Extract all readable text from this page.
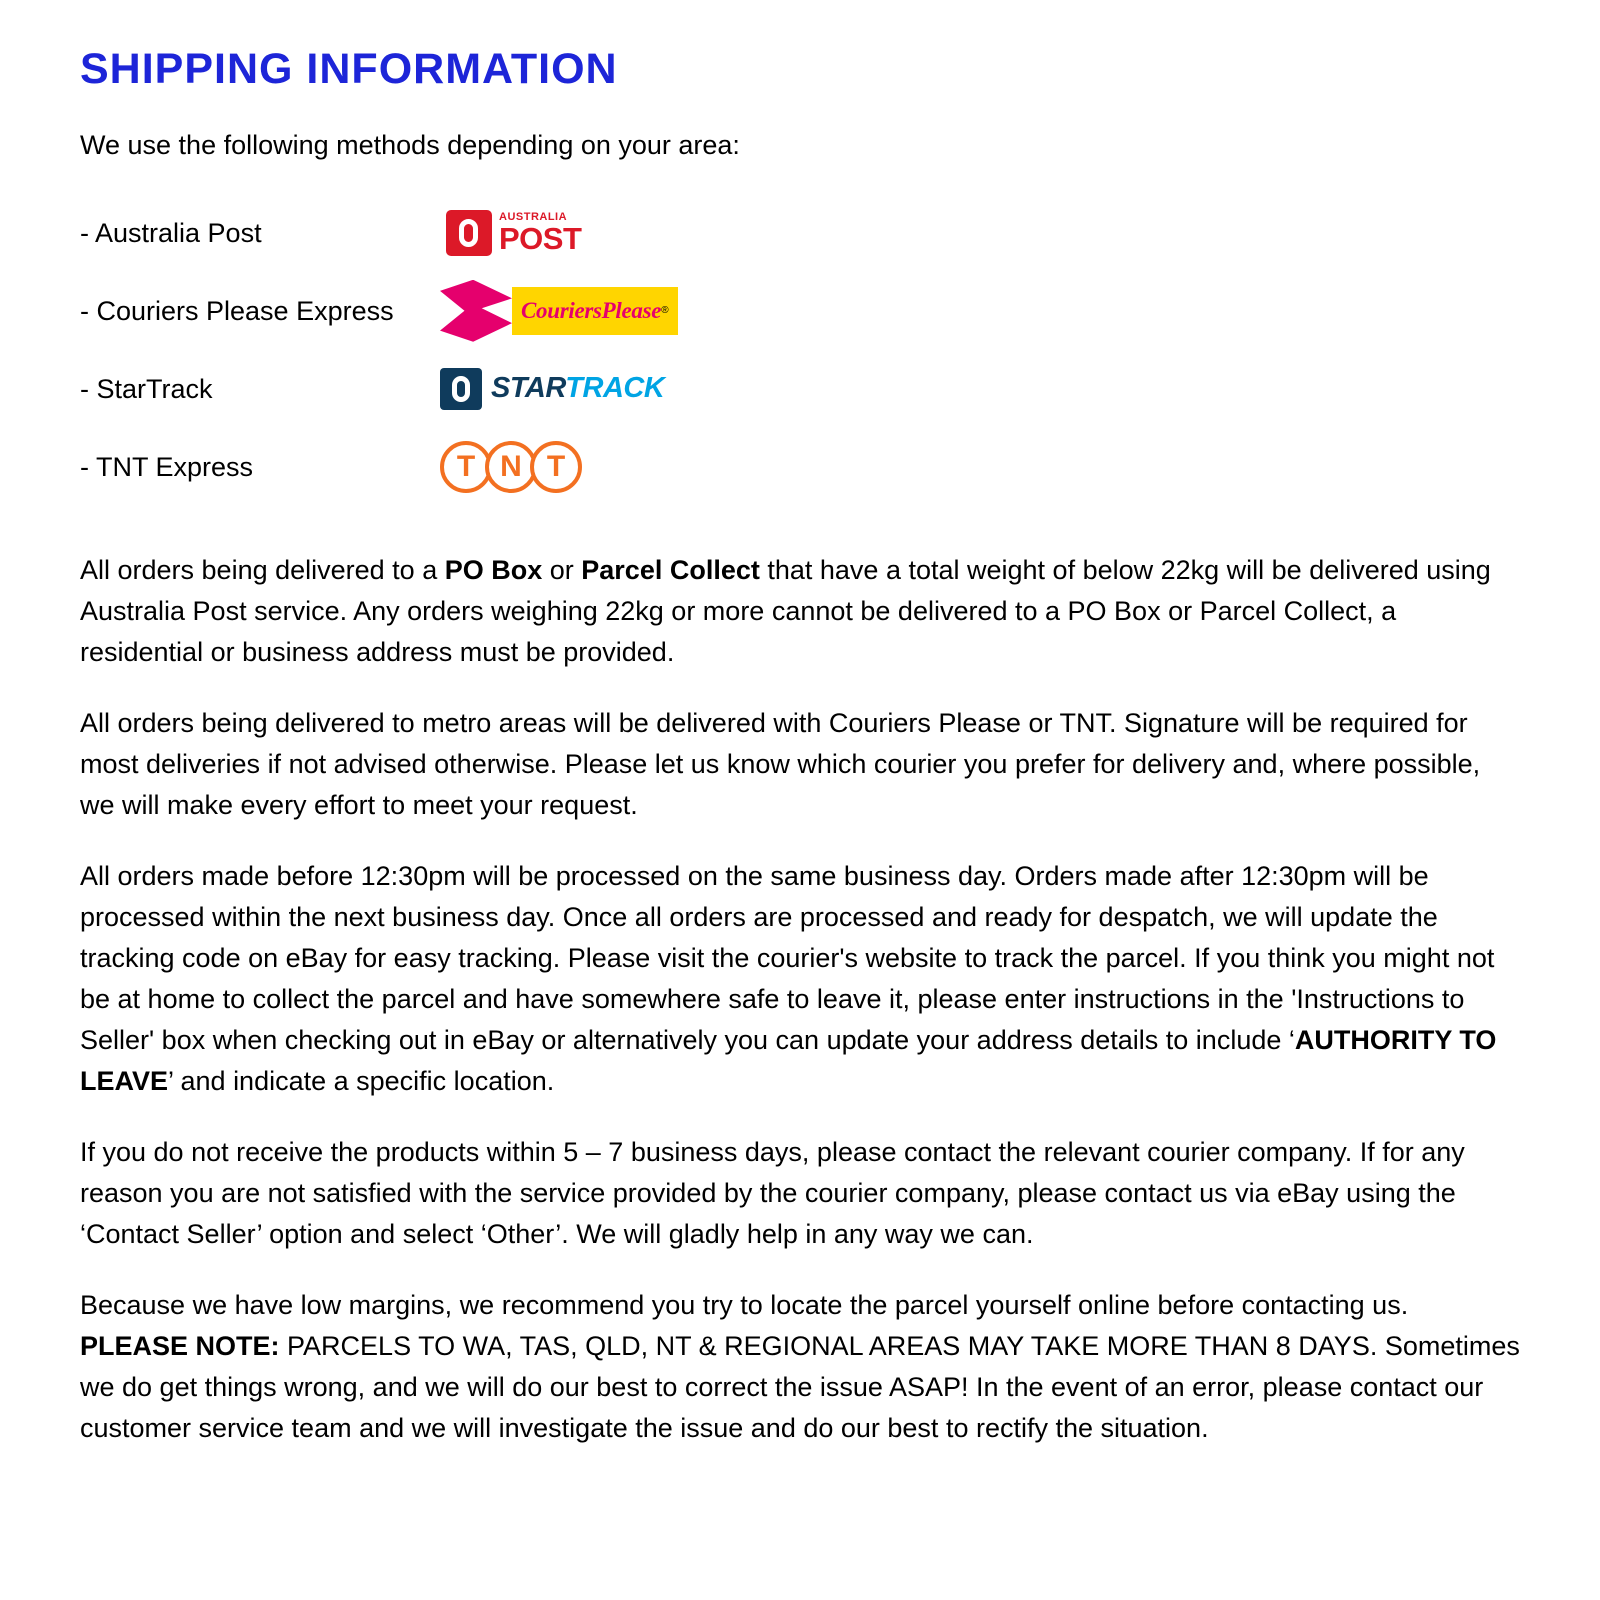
SHIPPING INFORMATION

We use the following methods depending on your area:

- Australia Post
AUSTRALIA
POST
- Couriers Please Express	CouriersPlease ®
- StarTrack	STARTRACK
- TNT Express	T N T

All orders being delivered to a PO Box or Parcel Collect that have a total weight of below 22kg will be delivered using Australia Post service. Any orders weighing 22kg or more cannot be delivered to a PO Box or Parcel Collect, a residential or business address must be provided.

All orders being delivered to metro areas will be delivered with Couriers Please or TNT. Signature will be required for most deliveries if not advised otherwise. Please let us know which courier you prefer for delivery and, where possible, we will make every effort to meet your request.

All orders made before 12:30pm will be processed on the same business day. Orders made after 12:30pm will be processed within the next business day. Once all orders are processed and ready for despatch, we will update the tracking code on eBay for easy tracking. Please visit the courier's website to track the parcel. If you think you might not be at home to collect the parcel and have somewhere safe to leave it, please enter instructions in the 'Instructions to Seller' box when checking out in eBay or alternatively you can update your address details to include ‘AUTHORITY TO LEAVE’ and indicate a specific location.

If you do not receive the products within 5 – 7 business days, please contact the relevant courier company. If for any reason you are not satisfied with the service provided by the courier company, please contact us via eBay using the ‘Contact Seller’ option and select ‘Other’. We will gladly help in any way we can.

Because we have low margins, we recommend you try to locate the parcel yourself online before contacting us.
PLEASE NOTE: PARCELS TO WA, TAS, QLD, NT & REGIONAL AREAS MAY TAKE MORE THAN 8 DAYS. Sometimes we do get things wrong, and we will do our best to correct the issue ASAP! In the event of an error, please contact our customer service team and we will investigate the issue and do our best to rectify the situation.
